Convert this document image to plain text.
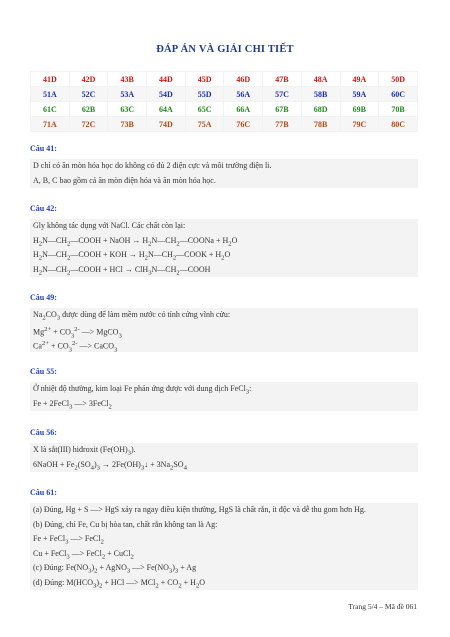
ĐÁP ÁN VÀ GIẢI CHI TIẾT
41D	42D	43B	44D	45D	46D	47B	48A	49A	50D
51A	52C	53A	54D	55D	56A	57C	58B	59A	60C
61C	62B	63C	64A	65C	66A	67B	68D	69B	70B
71A	72C	73B	74D	75A	76C	77B	78B	79C	80C
Câu 41:
D chỉ có ăn mòn hóa học do không có đủ 2 điện cực và môi trường điện li.
A, B, C bao gồm cả ăn mòn điện hóa và ăn mòn hóa học.
Câu 42:
Gly không tác dụng với NaCl. Các chất còn lại:
$H_2N—CH_2—COOH$ + NaOH → $H_2N—CH_2—COONa + H_2O$
$H_2N—CH_2—COOH$ + KOH → $H_2N—CH_2—COOK + H_2O$
$H_2N—CH_2—COOH$ + HCl → $ClH_3N—CH_2—COOH$
Câu 49:
$Na_2CO_3$ được dùng để làm mềm nước có tính cứng vĩnh cửu:
$Mg^{2+} + CO_3^{2-}$ —> MgCO$_3$
$Ca^{2+} + CO_3^{2-}$ —> CaCO$_3$
Câu 55:
Ở nhiệt độ thường, kim loại Fe phản ứng được với dung dịch FeCl$_3$:
Fe + 2FeCl$_3$ —> 3FeCl$_2$
Câu 56:
X là sắt(III) hiđroxit $(Fe(OH)_3)$.
6NaOH + $Fe_2(SO_4)_3$ → $2Fe(OH)_3↓ + 3Na_2SO_4$
Câu 61:
(a) Đúng, Hg + S —> HgS xảy ra ngay điều kiện thường, HgS là chất rắn, ít độc và dễ thu gom hơn Hg.
(b) Đúng, chỉ Fe, Cu bị hòa tan, chất rắn không tan là Ag:
Fe + FeCl$_3$ —> FeCl$_2$
Cu + FeCl$_3$ —> FeCl$_2$ + CuCl$_2$
(c) Đúng: $Fe(NO_3)_2$ + AgNO$_3$ —> $Fe(NO_3)_3 + Ag$
(d) Đúng: $M(HCO_3)_2$ + HCl —> $MCl_2 + CO_2 + H_2O$
Trang 5/4 – Mã đề 061
